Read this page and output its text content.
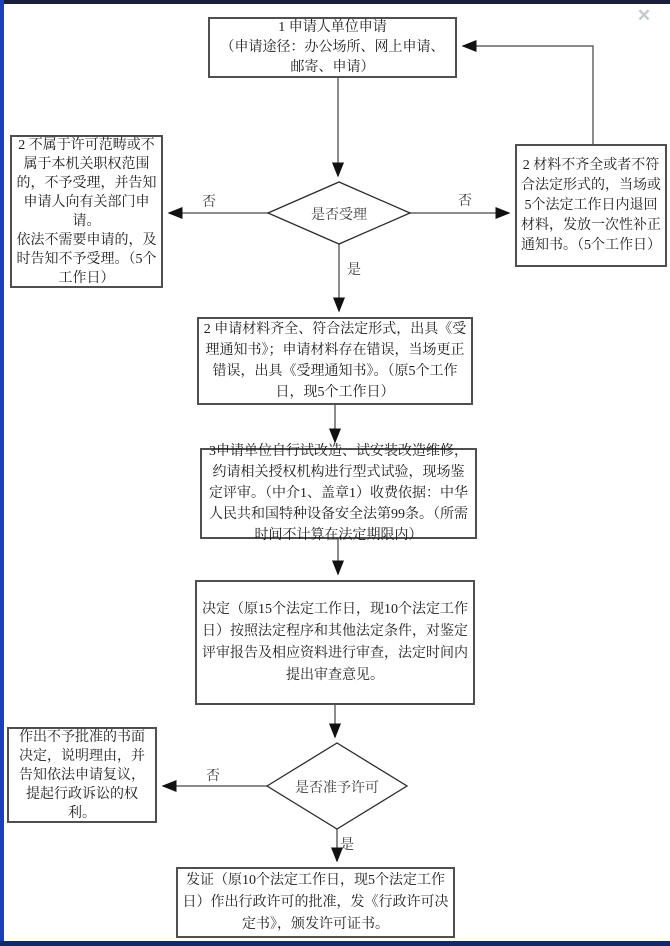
1 申请人单位申请

（申请途径：办公场所、网上申请、邮寄、申请）

2 不属于许可范畴或不属于本机关职权范围的，不予受理，并告知申请人向有关部门申请。

依法不需要申请的，及时告知不予受理。（5个工作日）

2 材料不齐全或者不符合法定形式的，当场或5个法定工作日内退回材料，发放一次性补正通知书。（5个工作日）

2 申请材料齐全、符合法定形式，出具《受理通知书》；申请材料存在错误，当场更正错误，出具《受理通知书》。（原5个工作日，现5个工作日）

3申请单位自行试改造、试安装改造维修，约请相关授权机构进行型式试验，现场鉴定评审。（中介1、盖章1）收费依据：中华人民共和国特种设备安全法第99条。（所需时间不计算在法定期限内）

决定（原15个法定工作日，现10个法定工作日）按照法定程序和其他法定条件，对鉴定评审报告及相应资料进行审查，法定时间内提出审查意见。

作出不予批准的书面决定，说明理由，并告知依法申请复议，提起行政诉讼的权利。

发证（原10个法定工作日，现5个法定工作日）作出行政许可的批准，发《行政许可决定书》，颁发许可证书。

是否受理
是否准予许可
否	否
是
否
是
✕
